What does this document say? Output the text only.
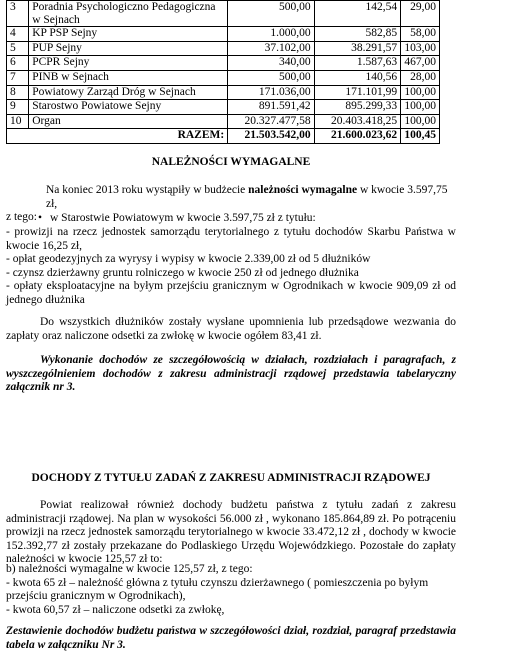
3	Poradnia Psychologiczno Pedagogiczna w Sejnach	500,00	142,54	29,00
4	KP PSP Sejny	1.000,00	582,85	58,00
5	PUP Sejny	37.102,00	38.291,57	103,00
6	PCPR Sejny	340,00	1.587,63	467,00
7	PINB w Sejnach	500,00	140,56	28,00
8	Powiatowy Zarząd Dróg w Sejnach	171.036,00	171.101,99	100,00
9	Starostwo Powiatowe Sejny	891.591,42	895.299,33	100,00
10	Organ	20.327.477,58	20.403.418,25	100,00
RAZEM:		21.503.542,00	21.600.023,62	100,45
NALEŻNOŚCI WYMAGALNE

Na koniec 2013 roku wystąpiły w budżecie należności wymagalne w kwocie 3.597,75 zł,

z tego: • w Starostwie Powiatowym w kwocie 3.597,75 zł z tytułu:

- prowizji na rzecz jednostek samorządu terytorialnego z tytułu dochodów Skarbu Państwa w kwocie 16,25 zł,

- opłat geodezyjnych za wyrysy i wypisy w kwocie 2.339,00 zł od 5 dłużników

- czynsz dzierżawny gruntu rolniczego w kwocie 250 zł od jednego dłużnika

- opłaty eksploatacyjne na byłym przejściu granicznym w Ogrodnikach w kwocie 909,09 zł od jednego dłużnika

Do wszystkich dłużników zostały wysłane upomnienia lub przedsądowe wezwania do zapłaty oraz naliczone odsetki za zwłokę w kwocie ogółem 83,41 zł.

Wykonanie dochodów ze szczegółowością w działach, rozdziałach i paragrafach, z wyszczególnieniem dochodów z zakresu administracji rządowej przedstawia tabelaryczny załącznik nr 3.

DOCHODY Z TYTUŁU ZADAŃ Z ZAKRESU ADMINISTRACJI RZĄDOWEJ

Powiat realizował również dochody budżetu państwa z tytułu zadań z zakresu administracji rządowej. Na plan w wysokości 56.000 zł , wykonano 185.864,89 zł. Po potrąceniu prowizji na rzecz jednostek samorządu terytorialnego w kwocie 33.472,12 zł , dochody w kwocie 152.392,77 zł zostały przekazane do Podlaskiego Urzędu Wojewódzkiego. Pozostałe do zapłaty należności w kwocie 125,57 zł to:

b) należności wymagalne w kwocie 125,57 zł, z tego:

- kwota 65 zł – należność główna z tytułu czynszu dzierżawnego ( pomieszczenia po byłym przejściu granicznym w Ogrodnikach),

- kwota 60,57 zł – naliczone odsetki za zwłokę,

Zestawienie dochodów budżetu państwa w szczegółowości dział, rozdział, paragraf przedstawia tabela w załączniku Nr 3.
